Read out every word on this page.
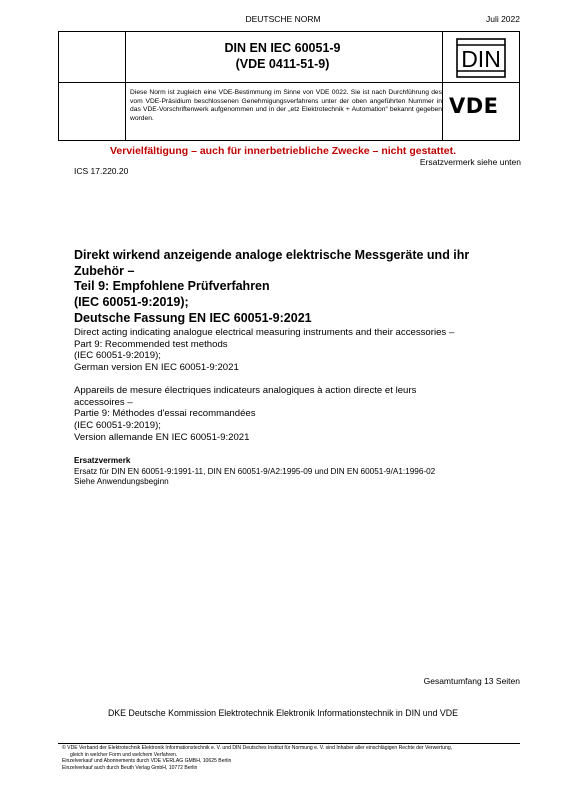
DEUTSCHE NORM	Juli 2022
DIN EN IEC 60051-9
(VDE 0411-51-9)
Diese Norm ist zugleich eine VDE-Bestimmung im Sinne von VDE 0022. Sie ist nach Durchführung des vom VDE-Präsidium beschlossenen Genehmigungsverfahrens unter der oben angeführten Nummer in das VDE-Vorschriftenwerk aufgenommen und in der „etz Elektrotechnik + Automation“ bekannt gegeben worden.
DIN
VDE
Vervielfältigung – auch für innerbetriebliche Zwecke – nicht gestattet.
Ersatzvermerk siehe unten
ICS 17.220.20
Direkt wirkend anzeigende analoge elektrische Messgeräte und ihr
Zubehör –
Teil 9: Empfohlene Prüfverfahren
(IEC 60051-9:2019);
Deutsche Fassung EN IEC 60051-9:2021
Direct acting indicating analogue electrical measuring instruments and their accessories –
Part 9: Recommended test methods
(IEC 60051-9:2019);
German version EN IEC 60051-9:2021
Appareils de mesure électriques indicateurs analogiques à action directe et leurs
accessoires –
Partie 9: Méthodes d'essai recommandées
(IEC 60051-9:2019);
Version allemande EN IEC 60051-9:2021
Ersatzvermerk
Ersatz für DIN EN 60051-9:1991-11, DIN EN 60051-9/A2:1995-09 und DIN EN 60051-9/A1:1996-02
Siehe Anwendungsbeginn
Gesamtumfang 13 Seiten
DKE Deutsche Kommission Elektrotechnik Elektronik Informationstechnik in DIN und VDE
© VDE Verband der Elektrotechnik Elektronik Informationstechnik e. V. und DIN Deutsches Institut für Normung e. V. sind Inhaber aller einschlägigen Rechte der Verwertung,
gleich in welcher Form und welchem Verfahren.
Einzelverkauf und Abonnements durch VDE VERLAG GMBH, 10625 Berlin
Einzelverkauf auch durch Beuth Verlag GmbH, 10772 Berlin
